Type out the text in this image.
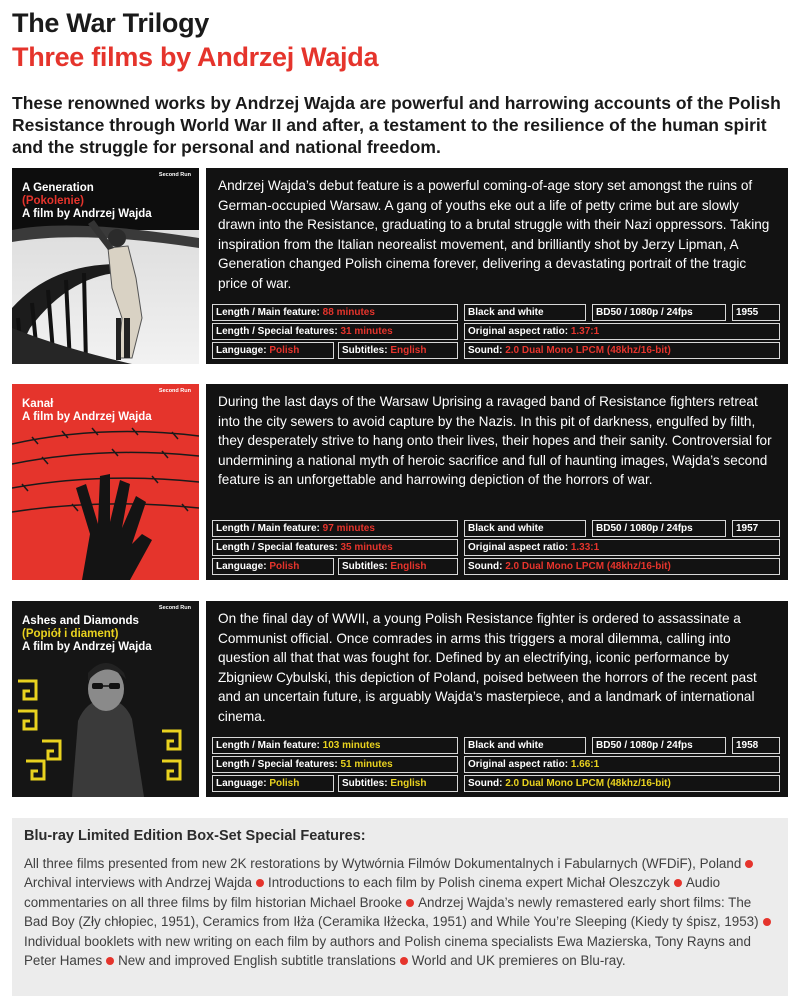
The War Trilogy
Three films by Andrzej Wajda
These renowned works by Andrzej Wajda are powerful and harrowing accounts of the Polish Resistance through World War II and after, a testament to the resilience of the human spirit and the struggle for personal and national freedom.
Second Run
A Generation
(Pokolenie)
A film by Andrzej Wajda
Andrzej Wajda’s debut feature is a powerful coming-of-age story set amongst the ruins of German-occupied Warsaw. A gang of youths eke out a life of petty crime but are slowly drawn into the Resistance, graduating to a brutal struggle with their Nazi oppressors. Taking inspiration from the Italian neorealist movement, and brilliantly shot by Jerzy Lipman, A Generation changed Polish cinema forever, delivering a devastating portrait of the tragic price of war.
Length / Main feature: 88 minutes	Black and white	BD50 / 1080p / 24fps	1955
Length / Special features: 31 minutes	Original aspect ratio: 1.37:1
Language: Polish	Subtitles: English	Sound: 2.0 Dual Mono LPCM (48khz/16-bit)
Second Run
Kanał
A film by Andrzej Wajda
During the last days of the Warsaw Uprising a ravaged band of Resistance fighters retreat into the city sewers to avoid capture by the Nazis. In this pit of darkness, engulfed by filth, they desperately strive to hang onto their lives, their hopes and their sanity. Controversial for undermining a national myth of heroic sacrifice and full of haunting images, Wajda’s second feature is an unforgettable and harrowing depiction of the horrors of war.
Length / Main feature: 97 minutes	Black and white	BD50 / 1080p / 24fps	1957
Length / Special features: 35 minutes	Original aspect ratio: 1.33:1
Language: Polish	Subtitles: English	Sound: 2.0 Dual Mono LPCM (48khz/16-bit)
Second Run
Ashes and Diamonds
(Popiół i diament)
A film by Andrzej Wajda
On the final day of WWII, a young Polish Resistance fighter is ordered to assassinate a Communist official. Once comrades in arms this triggers a moral dilemma, calling into question all that that was fought for. Defined by an electrifying, iconic performance by Zbigniew Cybulski, this depiction of Poland, poised between the horrors of the recent past and an uncertain future, is arguably Wajda’s masterpiece, and a landmark of international cinema.
Length / Main feature: 103 minutes	Black and white	BD50 / 1080p / 24fps	1958
Length / Special features: 51 minutes	Original aspect ratio: 1.66:1
Language: Polish	Subtitles: English	Sound: 2.0 Dual Mono LPCM (48khz/16-bit)
Blu-ray Limited Edition Box-Set Special Features:

All three films presented from new 2K restorations by Wytwórnia Filmów Dokumentalnych i Fabularnych (WFDiF), PolandArchival interviews with Andrzej Wajda Introductions to each film by Polish cinema expert Michał Oleszczyk Audio commentaries on all three films by film historian Michael Brooke Andrzej Wajda’s newly remastered early short films: The Bad Boy (Zły chłopiec, 1951), Ceramics from Iłża (Ceramika Iłżecka, 1951) and While You’re Sleeping (Kiedy ty śpisz, 1953)Individual booklets with new writing on each film by authors and Polish cinema specialists Ewa Mazierska, Tony Rayns and Peter Hames New and improved English subtitle translations World and UK premieres on Blu-ray.
